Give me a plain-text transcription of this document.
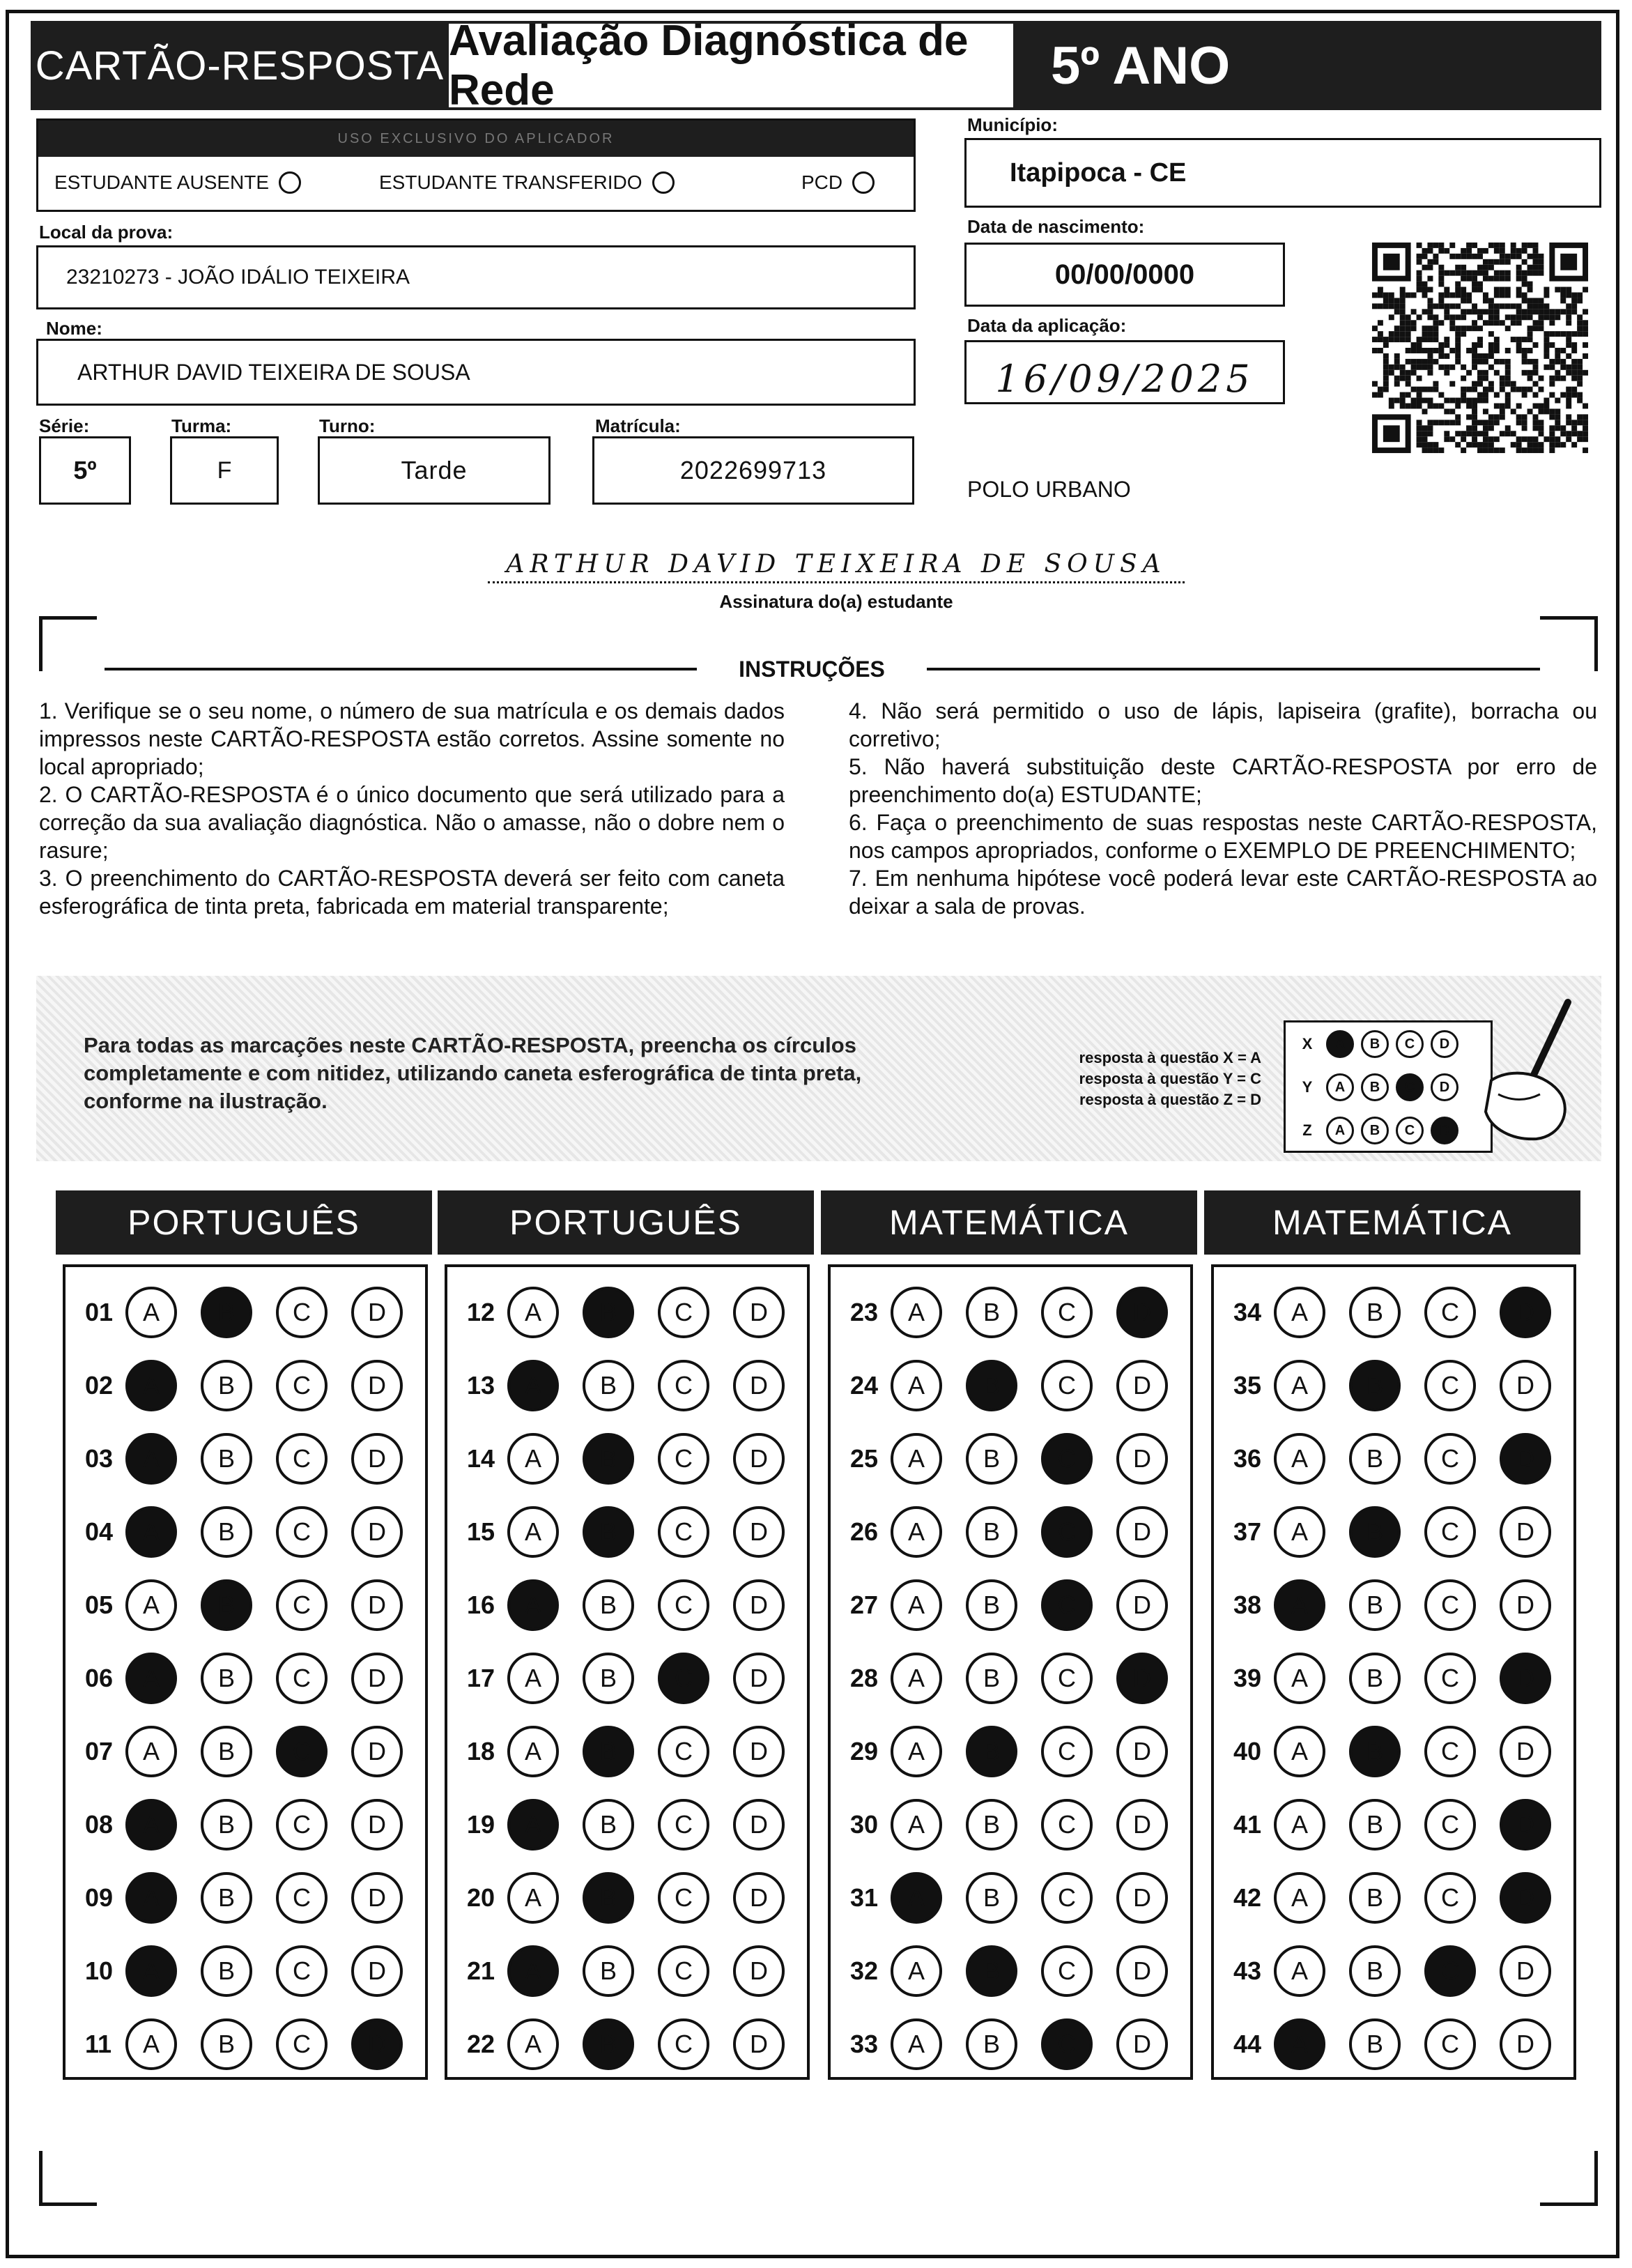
CARTÃO-RESPOSTA
Avaliação Diagnóstica de Rede	5º ANO
USO EXCLUSIVO DO APLICADOR
ESTUDANTE AUSENTE	ESTUDANTE TRANSFERIDO	PCD
Local da prova:
23210273 - JOÃO IDÁLIO TEIXEIRA
Nome:
ARTHUR DAVID TEIXEIRA DE SOUSA
Série:
5º
Turma:
F
Turno:
Tarde
Matrícula:
2022699713
Município:
Itapipoca - CE
Data de nascimento:
00/00/0000
Data da aplicação:
16/09/2025
POLO URBANO
ARTHUR DAVID TEIXEIRA DE SOUSA
Assinatura do(a) estudante
INSTRUÇÕES
1. Verifique se o seu nome, o número de sua matrícula e os demais dados impressos neste CARTÃO-RESPOSTA estão corretos. Assine somente no local apropriado;
2. O CARTÃO-RESPOSTA é o único documento que será utilizado para a correção da sua avaliação diagnóstica. Não o amasse, não o dobre nem o rasure;
3. O preenchimento do CARTÃO-RESPOSTA deverá ser feito com caneta esferográfica de tinta preta, fabricada em material transparente;
4. Não será permitido o uso de lápis, lapiseira (grafite), borracha ou corretivo;
5. Não haverá substituição deste CARTÃO-RESPOSTA por erro de preenchimento do(a) ESTUDANTE;
6. Faça o preenchimento de suas respostas neste CARTÃO-RESPOSTA, nos campos apropriados, conforme o EXEMPLO DE PREENCHIMENTO;
7. Em nenhuma hipótese você poderá levar este CARTÃO-RESPOSTA ao deixar a sala de provas.
Para todas as marcações neste CARTÃO-RESPOSTA, preencha os círculos completamente e com nitidez, utilizando caneta esferográfica de tinta preta, conforme na ilustração.
resposta à questão X = A
resposta à questão Y = C
resposta à questão Z = D
X	A	B	C	D
Y	A	B	C	D
Z	A	B	C	D
PORTUGUÊS
01	A	B	C	D
02	A	B	C	D
03	A	B	C	D
04	A	B	C	D
05	A	B	C	D
06	A	B	C	D
07	A	B	C	D
08	A	B	C	D
09	A	B	C	D
10	A	B	C	D
11	A	B	C	D
PORTUGUÊS
12	A	B	C	D
13	A	B	C	D
14	A	B	C	D
15	A	B	C	D
16	A	B	C	D
17	A	B	C	D
18	A	B	C	D
19	A	B	C	D
20	A	B	C	D
21	A	B	C	D
22	A	B	C	D
MATEMÁTICA
23	A	B	C	D
24	A	B	C	D
25	A	B	C	D
26	A	B	C	D
27	A	B	C	D
28	A	B	C	D
29	A	B	C	D
30	A	B	C	D
31	A	B	C	D
32	A	B	C	D
33	A	B	C	D
MATEMÁTICA
34	A	B	C	D
35	A	B	C	D
36	A	B	C	D
37	A	B	C	D
38	A	B	C	D
39	A	B	C	D
40	A	B	C	D
41	A	B	C	D
42	A	B	C	D
43	A	B	C	D
44	A	B	C	D
